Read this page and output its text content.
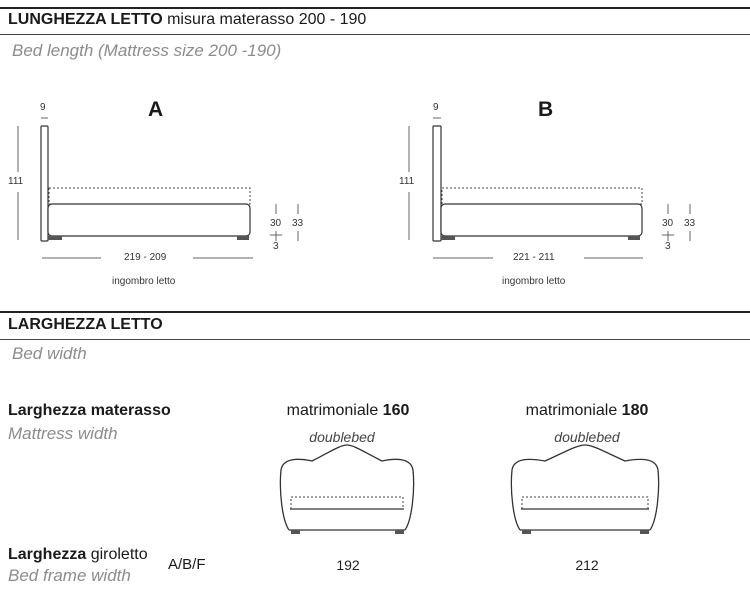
LUNGHEZZA LETTO misura materasso 200 - 190
Bed length (Mattress size 200 -190)
A
9
111
219 - 209
30
3
33
ingombro letto
B
9
111
221 - 211
30
3
33
ingombro letto
LARGHEZZA LETTO
Bed width
Larghezza materasso
Mattress width
Larghezza giroletto
Bed frame width
A/B/F
matrimoniale 160
doublebed
matrimoniale 180
doublebed
192	212
